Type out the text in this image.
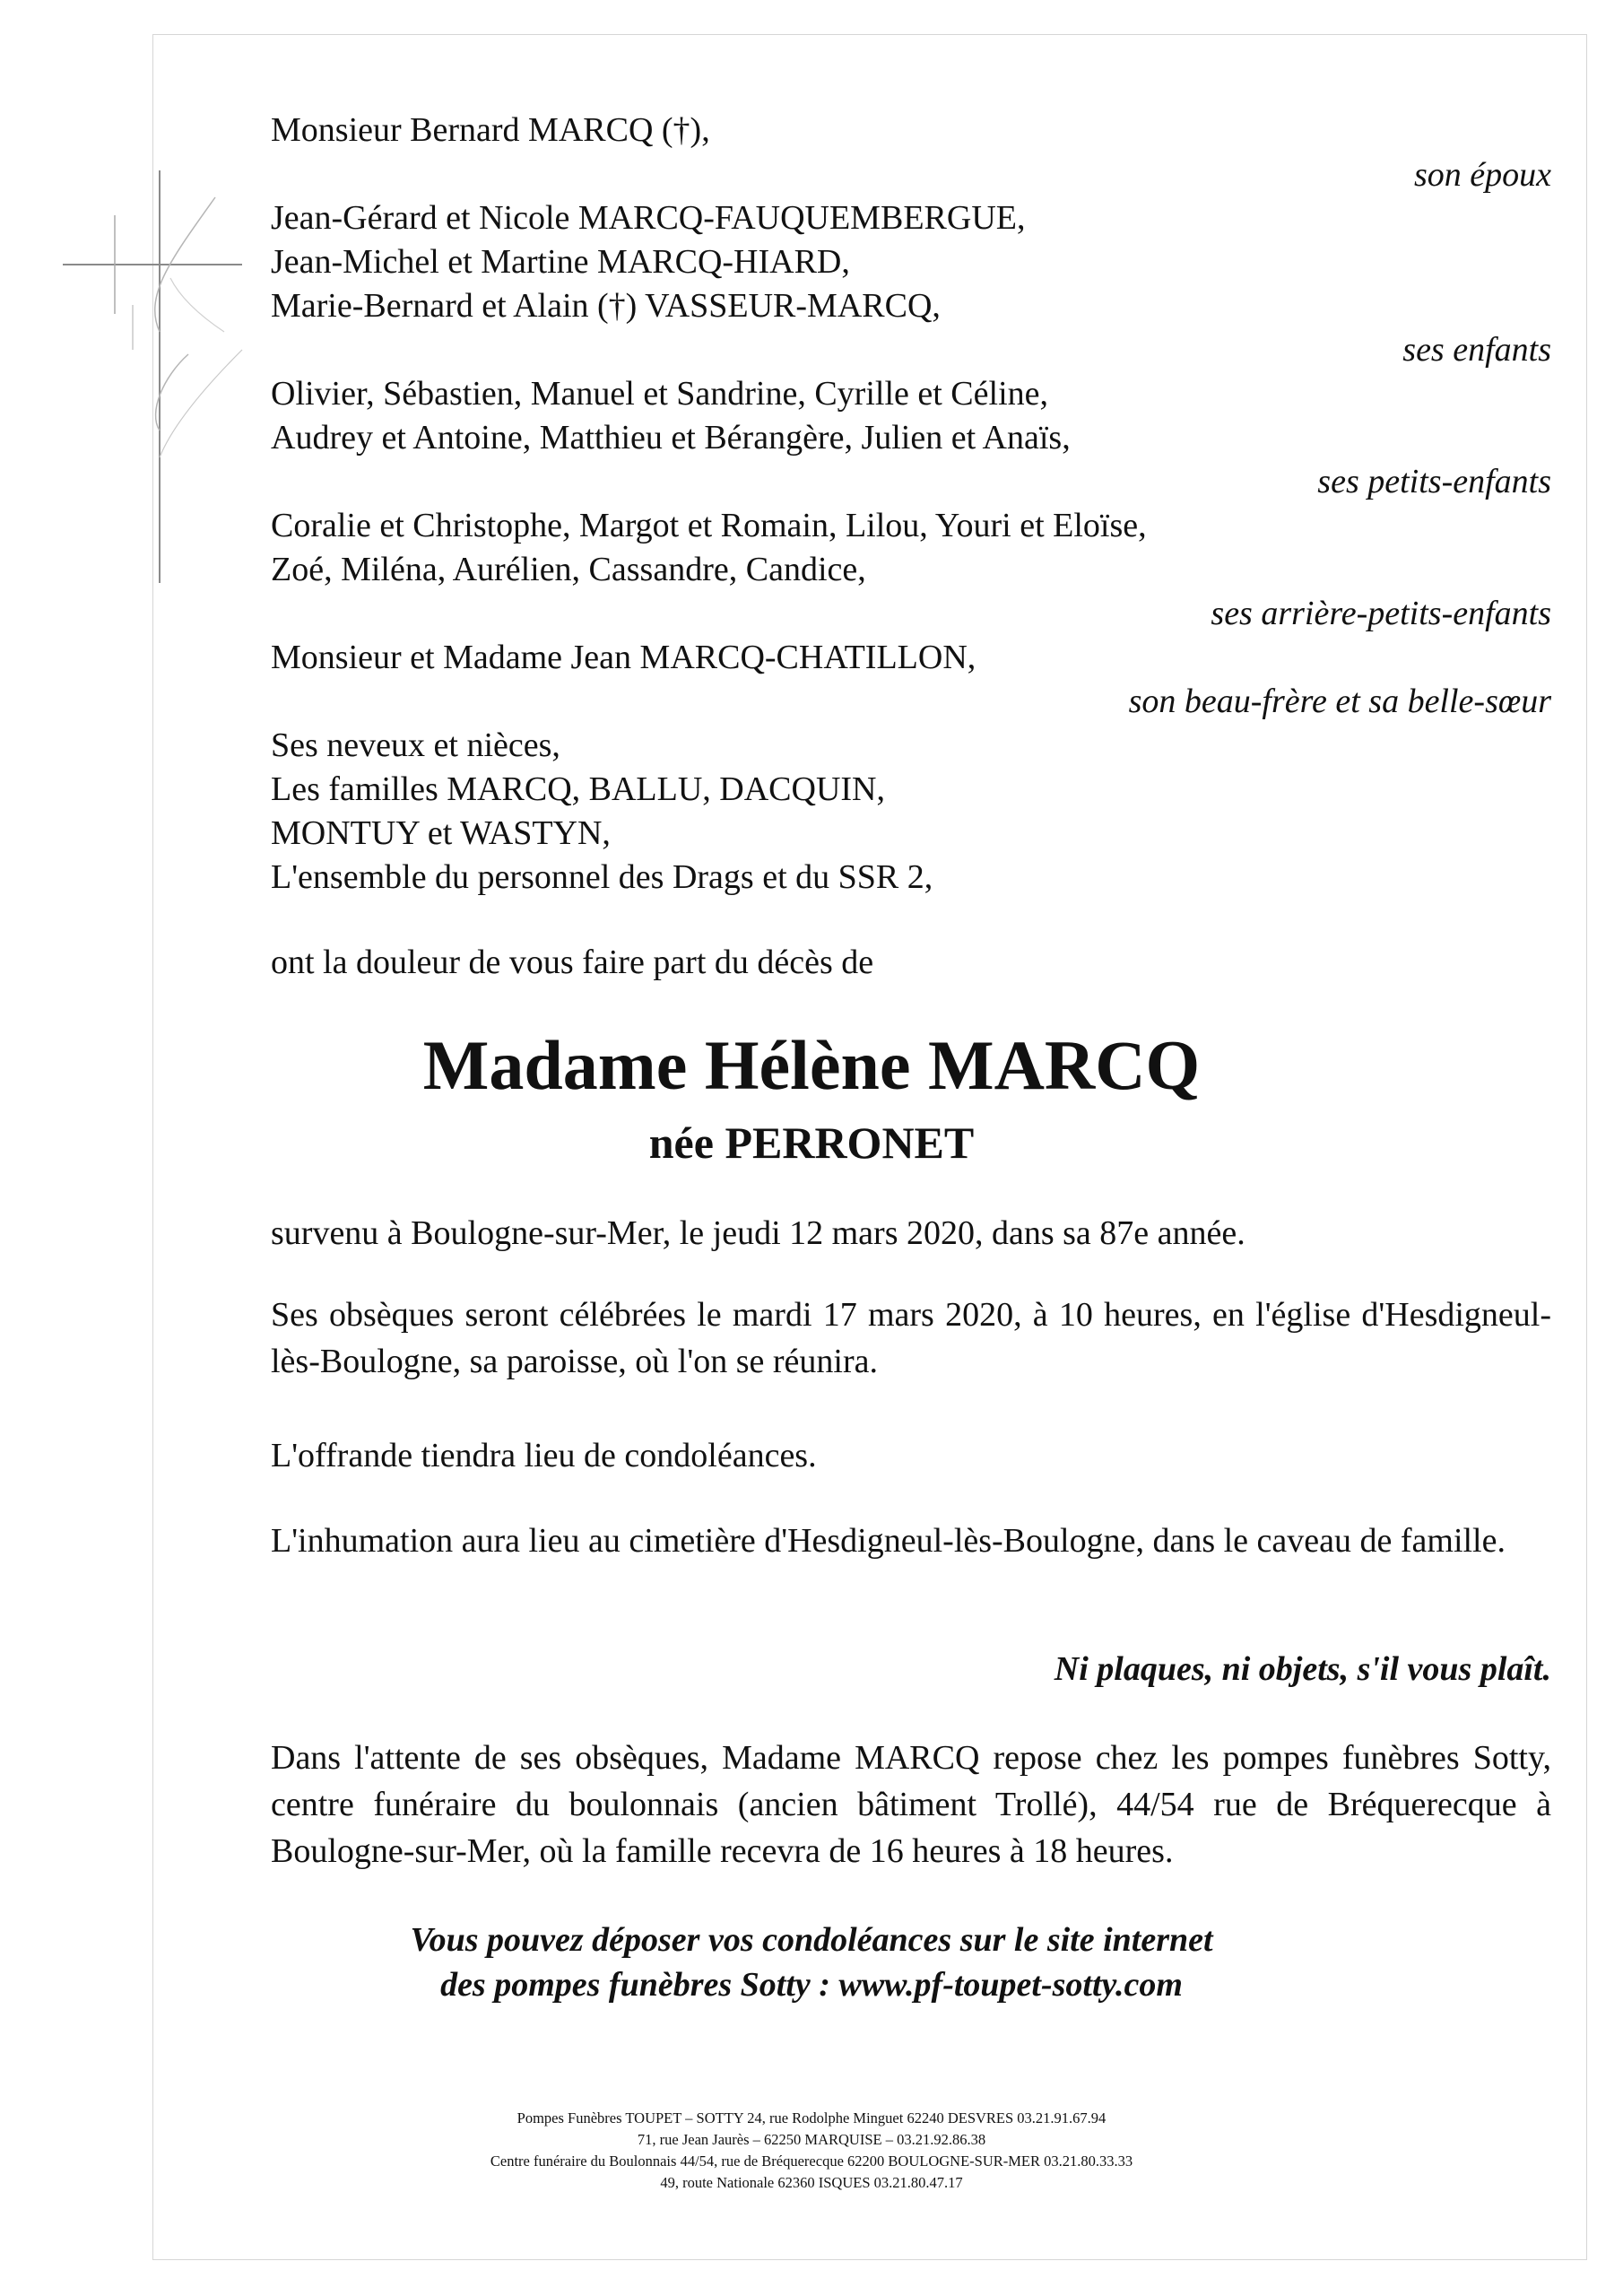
Monsieur Bernard MARCQ (†),
son époux
Jean-Gérard et Nicole MARCQ-FAUQUEMBERGUE,
Jean-Michel et Martine MARCQ-HIARD,
Marie-Bernard et Alain (†) VASSEUR-MARCQ,
ses enfants
Olivier, Sébastien, Manuel et Sandrine, Cyrille et Céline,
Audrey et Antoine, Matthieu et Bérangère, Julien et Anaïs,
ses petits-enfants
Coralie et Christophe, Margot et Romain, Lilou, Youri et Eloïse,
Zoé, Miléna, Aurélien, Cassandre, Candice,
ses arrière-petits-enfants
Monsieur et Madame Jean MARCQ-CHATILLON,
son beau-frère et sa belle-sœur
Ses neveux et nièces,
Les familles MARCQ, BALLU, DACQUIN,
MONTUY et WASTYN,
L'ensemble du personnel des Drags et du SSR 2,
ont la douleur de vous faire part du décès de
Madame Hélène MARCQ
née PERRONET
survenu à Boulogne-sur-Mer, le jeudi 12 mars 2020, dans sa 87e année.
Ses obsèques seront célébrées le mardi 17 mars 2020, à 10 heures, en l'église d'Hesdigneul-lès-Boulogne, sa paroisse, où l'on se réunira.
L'offrande tiendra lieu de condoléances.
L'inhumation aura lieu au cimetière d'Hesdigneul-lès-Boulogne, dans le caveau de famille.
Ni plaques, ni objets, s'il vous plaît.
Dans l'attente de ses obsèques, Madame MARCQ repose chez les pompes funèbres Sotty, centre funéraire du boulonnais (ancien bâtiment Trollé), 44/54 rue de Bréquerecque à Boulogne-sur-Mer, où la famille recevra de 16 heures à 18 heures.
Vous pouvez déposer vos condoléances sur le site internet
des pompes funèbres Sotty : www.pf-toupet-sotty.com
Pompes Funèbres TOUPET – SOTTY 24, rue Rodolphe Minguet 62240 DESVRES 03.21.91.67.94
71, rue Jean Jaurès – 62250 MARQUISE – 03.21.92.86.38
Centre funéraire du Boulonnais 44/54, rue de Bréquerecque 62200 BOULOGNE-SUR-MER 03.21.80.33.33
49, route Nationale 62360 ISQUES 03.21.80.47.17
